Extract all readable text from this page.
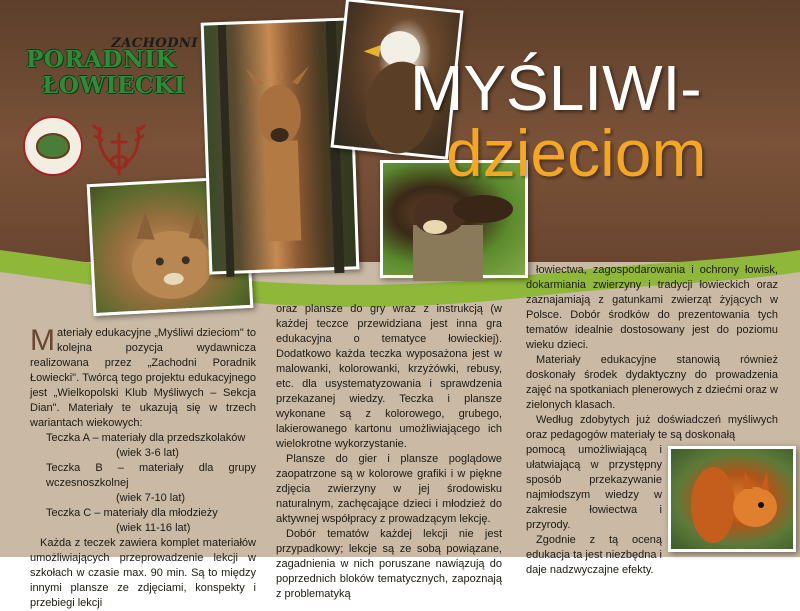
ZACHODNI
PORADNIK
ŁOWIECKI	MYŚLIWI-
dzieciom

Materiały edukacyjne „Myśliwi dzieciom" to kolejna pozycja wydawnicza realizowana przez „Zachodni Poradnik Łowiecki". Twórcą tego projektu edukacyjnego jest „Wielkopolski Klub Myśliwych – Sekcja Dian". Materiały te ukazują się w trzech wariantach wiekowych:

Teczka A – materiały dla przedszkolaków

(wiek 3-6 lat)

Teczka B – materiały dla grupy wczesnoszkolnej

(wiek 7-10 lat)

Teczka C – materiały dla młodzieży

(wiek 11-16 lat)

Każda z teczek zawiera komplet materiałów umożliwiających przeprowadzenie lekcji w szkołach w czasie max. 90 min. Są to między innymi plansze ze zdjęciami, konspekty i przebiegi lekcji

oraz plansze do gry wraz z instrukcją (w każdej teczce przewidziana jest inna gra edukacyjna o tematyce łowieckiej). Dodatkowo każda teczka wyposażona jest w malowanki, kolorowanki, krzyżówki, rebusy, etc. dla usystematyzowania i sprawdzenia przekazanej wiedzy. Teczka i plansze wykonane są z kolorowego, grubego, lakierowanego kartonu umożliwiającego ich wielokrotne wykorzystanie.

Plansze do gier i plansze poglądowe zaopatrzone są w kolorowe grafiki i w piękne zdjęcia zwierzyny w jej środowisku naturalnym, zachęcające dzieci i młodzież do aktywnej współpracy z prowadzącym lekcję.

Dobór tematów każdej lekcji nie jest przypadkowy; lekcje są ze sobą powiązane, zagadnienia w nich poruszane nawiązują do poprzednich bloków tematycznych, zapoznają z problematyką

łowiectwa, zagospodarowania i ochrony łowisk, dokarmiania zwierzyny i tradycji łowieckich oraz zaznajamiają z gatunkami zwierząt żyjących w Polsce. Dobór środków do prezentowania tych tematów idealnie dostosowany jest do poziomu wieku dzieci.

Materiały edukacyjne stanowią również doskonały środek dydaktyczny do prowadzenia zajęć na spotkaniach plenerowych z dziećmi oraz w zielonych klasach.

Według zdobytych już doświadczeń myśliwych oraz pedagogów materiały te są doskonałą

pomocą umożliwiającą i ułatwiającą w przystępny sposób przekazywanie najmłodszym wiedzy w zakresie łowiectwa i przyrody.

Zgodnie z tą oceną edukacja ta jest niezbędna i daje nadzwyczajne efekty.
